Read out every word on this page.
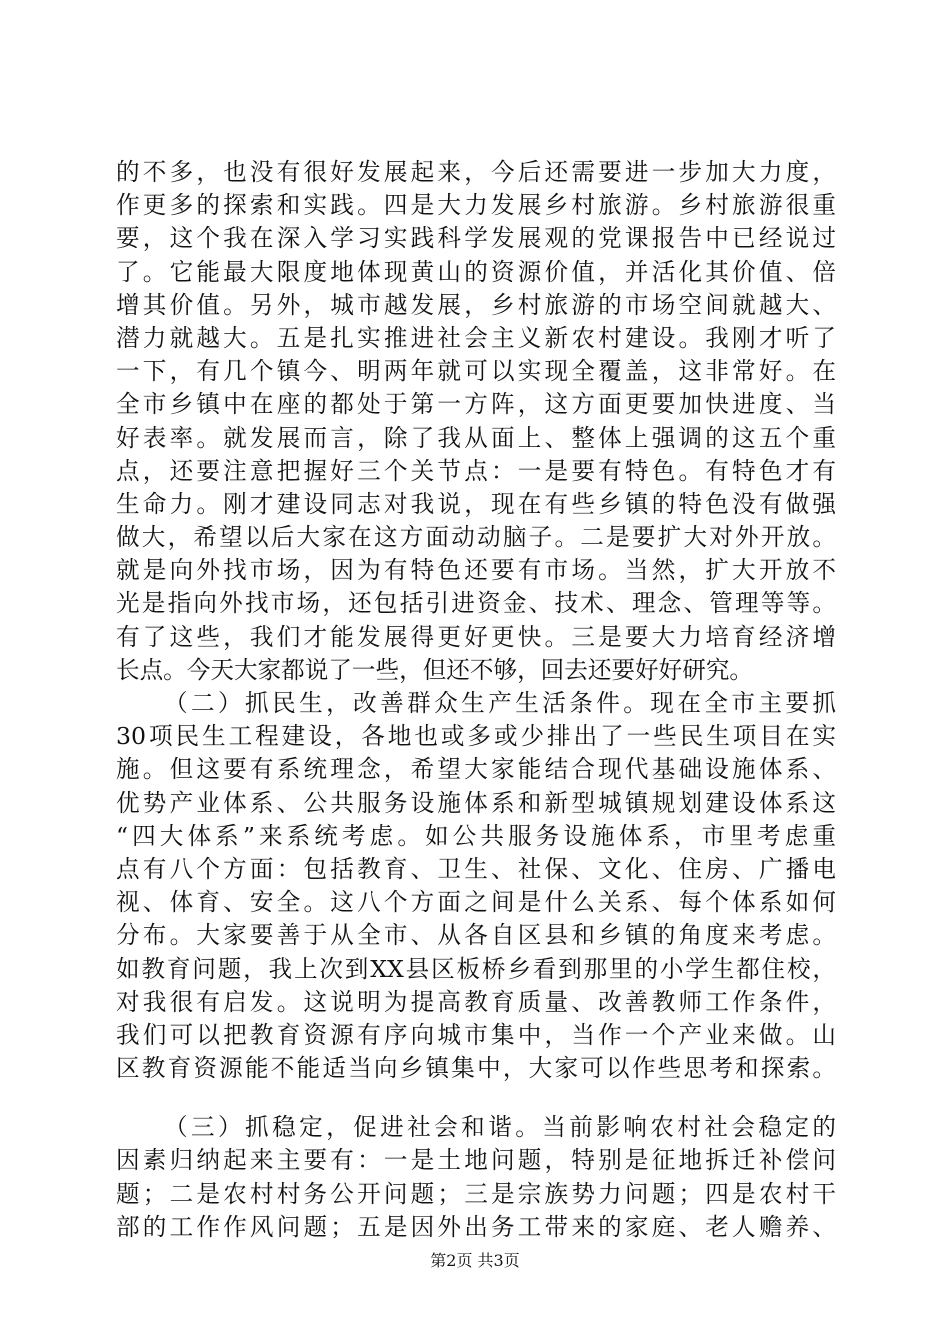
的不多，也没有很好发展起来，今后还需要进一步加大力度，
作更多的探索和实践。四是大力发展乡村旅游。乡村旅游很重
要，这个我在深入学习实践科学发展观的党课报告中已经说过
了。它能最大限度地体现黄山的资源价值，并活化其价值、倍
增其价值。另外，城市越发展，乡村旅游的市场空间就越大、
潜力就越大。五是扎实推进社会主义新农村建设。我刚才听了
一下，有几个镇今、明两年就可以实现全覆盖，这非常好。在
全市乡镇中在座的都处于第一方阵，这方面更要加快进度、当
好表率。就发展而言，除了我从面上、整体上强调的这五个重
点，还要注意把握好三个关节点：一是要有特色。有特色才有
生命力。刚才建设同志对我说，现在有些乡镇的特色没有做强
做大，希望以后大家在这方面动动脑子。二是要扩大对外开放。
就是向外找市场，因为有特色还要有市场。当然，扩大开放不
光是指向外找市场，还包括引进资金、技术、理念、管理等等。
有了这些，我们才能发展得更好更快。三是要大力培育经济增
长点。今天大家都说了一些，但还不够，回去还要好好研究。
（二）抓民生，改善群众生产生活条件。现在全市主要抓
30项民生工程建设，各地也或多或少排出了一些民生项目在实
施。但这要有系统理念，希望大家能结合现代基础设施体系、
优势产业体系、公共服务设施体系和新型城镇规划建设体系这
“四大体系”来系统考虑。如公共服务设施体系，市里考虑重
点有八个方面：包括教育、卫生、社保、文化、住房、广播电
视、体育、安全。这八个方面之间是什么关系、每个体系如何
分布。大家要善于从全市、从各自区县和乡镇的角度来考虑。
如教育问题，我上次到XX县区板桥乡看到那里的小学生都住校，
对我很有启发。这说明为提高教育质量、改善教师工作条件，
我们可以把教育资源有序向城市集中，当作一个产业来做。山
区教育资源能不能适当向乡镇集中，大家可以作些思考和探索。
（三）抓稳定，促进社会和谐。当前影响农村社会稳定的
因素归纳起来主要有：一是土地问题，特别是征地拆迁补偿问
题；二是农村村务公开问题；三是宗族势力问题；四是农村干
部的工作作风问题；五是因外出务工带来的家庭、老人赡养、
第2页 共3页
